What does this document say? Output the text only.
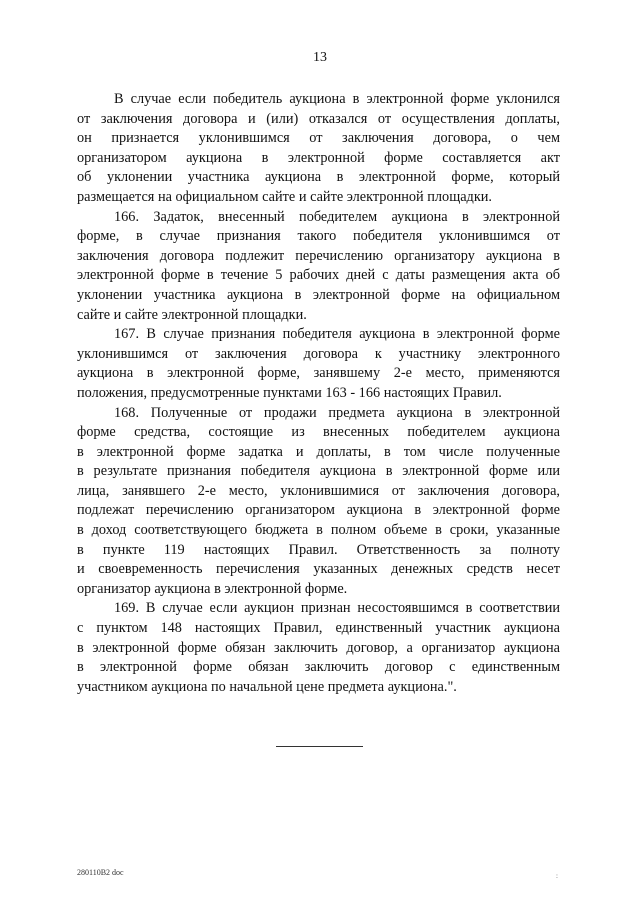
13
В случае если победитель аукциона в электронной форме уклонился
от заключения договора и (или) отказался от осуществления доплаты,
он признается уклонившимся от заключения договора, о чем
организатором аукциона в электронной форме составляется акт
об уклонении участника аукциона в электронной форме, который
размещается на официальном сайте и сайте электронной площадки.
166. Задаток, внесенный победителем аукциона в электронной
форме, в случае признания такого победителя уклонившимся от
заключения договора подлежит перечислению организатору аукциона в
электронной форме в течение 5 рабочих дней с даты размещения акта об
уклонении участника аукциона в электронной форме на официальном
сайте и сайте электронной площадки.
167. В случае признания победителя аукциона в электронной форме
уклонившимся от заключения договора к участнику электронного
аукциона в электронной форме, занявшему 2-е место, применяются
положения, предусмотренные пунктами 163 - 166 настоящих Правил.
168. Полученные от продажи предмета аукциона в электронной
форме средства, состоящие из внесенных победителем аукциона
в электронной форме задатка и доплаты, в том числе полученные
в результате признания победителя аукциона в электронной форме или
лица, занявшего 2-е место, уклонившимися от заключения договора,
подлежат перечислению организатором аукциона в электронной форме
в доход соответствующего бюджета в полном объеме в сроки, указанные
в пункте 119 настоящих Правил. Ответственность за полноту
и своевременность перечисления указанных денежных средств несет
организатор аукциона в электронной форме.
169. В случае если аукцион признан несостоявшимся в соответствии
с пунктом 148 настоящих Правил, единственный участник аукциона
в электронной форме обязан заключить договор, а организатор аукциона
в электронной форме обязан заключить договор с единственным
участником аукциона по начальной цене предмета аукциона.".
280110В2 doc	:
